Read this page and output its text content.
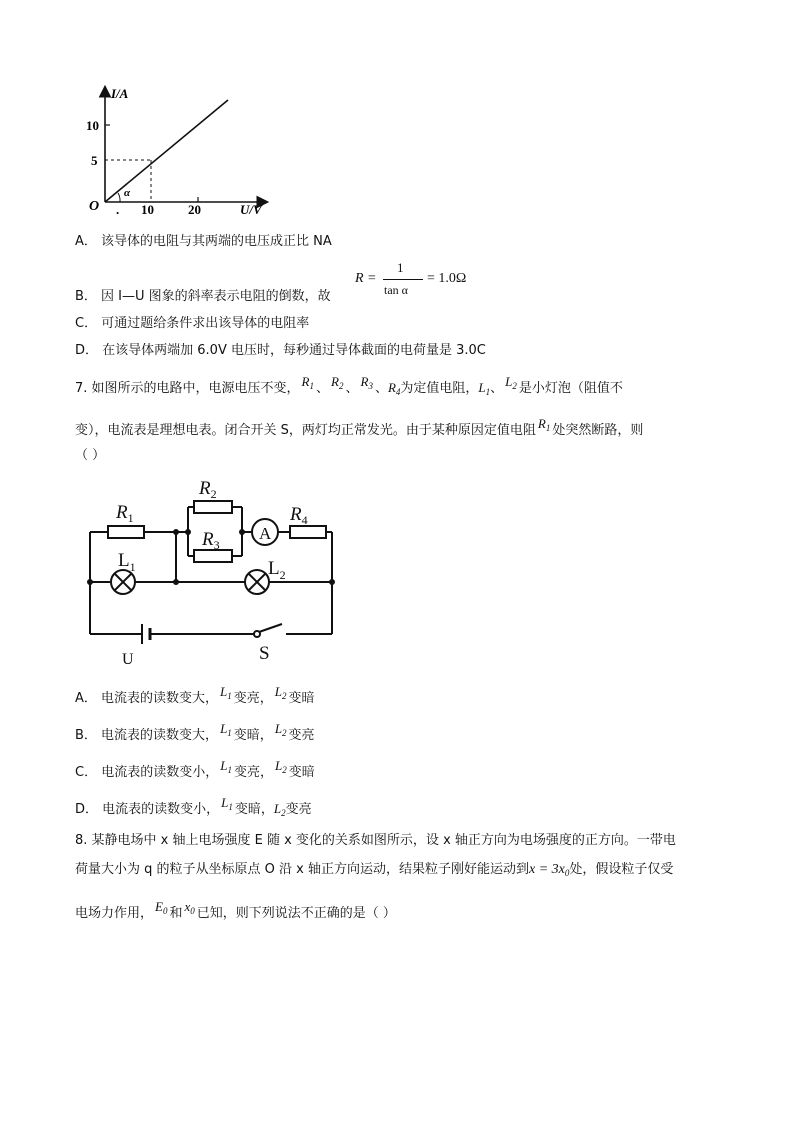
I/A
10
5
O
α
. 10	20	U/V
A． 该导体的电阻与其两端的电压成正比 NA
R =
1
tan α
= 1.0Ω
B． 因 I—U 图象的斜率表示电阻的倒数，故
C． 可通过题给条件求出该导体的电阻率
D． 在该导体两端加 6.0V 电压时，每秒通过导体截面的电荷量是 3.0C
7. 如图所示的电路中，电源电压不变， $R_1$ 、 $R_2$ 、 $R_3$ 、$R_4$为定值电阻，$L_1$、 $L_2$ 是小灯泡（阻值不
变），电流表是理想电表。闭合开关 S，两灯均正常发光。由于某种原因定值电阻 $R_1$ 处突然断路，则
（ ）
$R_1$
$R_2$
$R_3$
$R_4$
$L_1$	$L_2$
A
U	S
A． 电流表的读数变大， $L_1$ 变亮， $L_2$ 变暗
B． 电流表的读数变大， $L_1$ 变暗， $L_2$ 变亮
C． 电流表的读数变小， $L_1$ 变亮， $L_2$ 变暗
D． 电流表的读数变小， $L_1$ 变暗，$L_2$变亮
8. 某静电场中 x 轴上电场强度 E 随 x 变化的关系如图所示，设 x 轴正方向为电场强度的正方向。一带电
荷量大小为 q 的粒子从坐标原点 O 沿 x 轴正方向运动，结果粒子刚好能运动到$x = 3x_0$处，假设粒子仅受
电场力作用， $E_0$ 和 $x_0$ 已知，则下列说法不正确的是（ ）
